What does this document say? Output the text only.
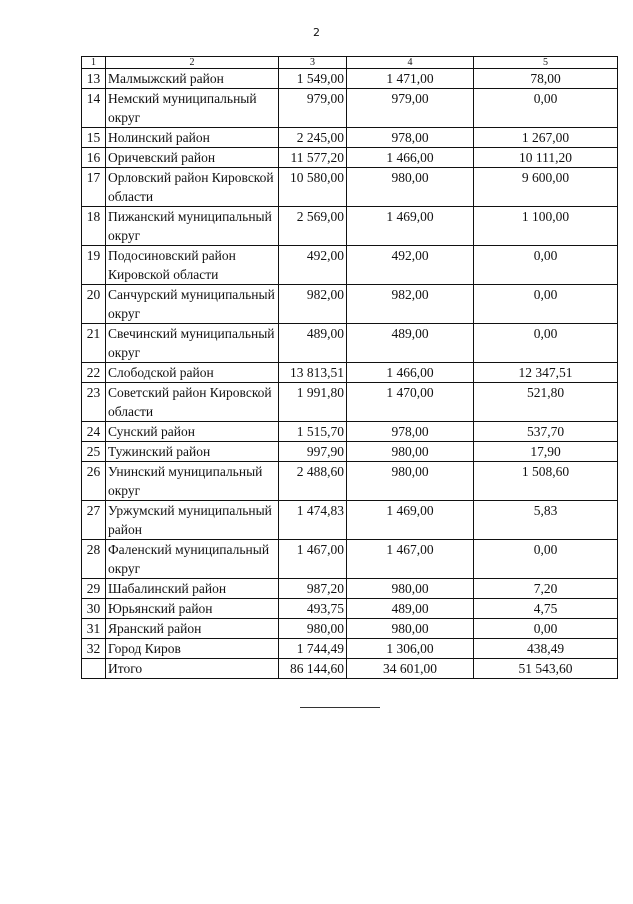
2
1	2	3	4	5
13	Малмыжский район	1 549,00	1 471,00	78,00
14	Немский муниципальный округ	979,00	979,00	0,00
15	Нолинский район	2 245,00	978,00	1 267,00
16	Оричевский район	11 577,20	1 466,00	10 111,20
17	Орловский район Кировской области	10 580,00	980,00	9 600,00
18	Пижанский муниципальный округ	2 569,00	1 469,00	1 100,00
19	Подосиновский район Кировской области	492,00	492,00	0,00
20	Санчурский муниципальный округ	982,00	982,00	0,00
21	Свечинский муниципальный округ	489,00	489,00	0,00
22	Слободской район	13 813,51	1 466,00	12 347,51
23	Советский район Кировской области	1 991,80	1 470,00	521,80
24	Сунский район	1 515,70	978,00	537,70
25	Тужинский район	997,90	980,00	17,90
26	Унинский муниципальный округ	2 488,60	980,00	1 508,60
27	Уржумский муниципальный район	1 474,83	1 469,00	5,83
28	Фаленский муниципальный округ	1 467,00	1 467,00	0,00
29	Шабалинский район	987,20	980,00	7,20
30	Юрьянский район	493,75	489,00	4,75
31	Яранский район	980,00	980,00	0,00
32	Город Киров	1 744,49	1 306,00	438,49
	Итого	86 144,60	34 601,00	51 543,60
